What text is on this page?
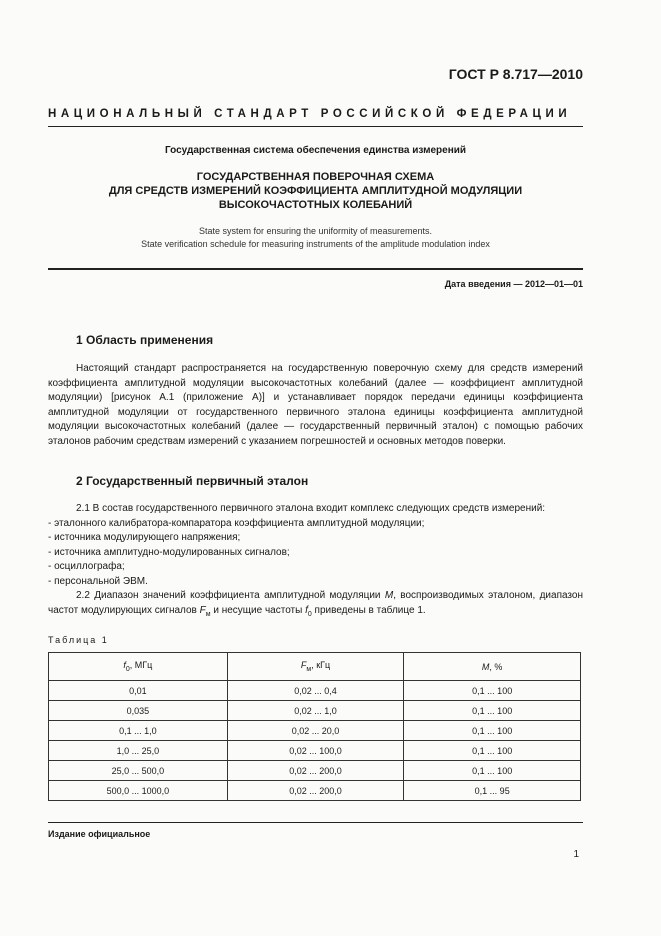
ГОСТ Р 8.717—2010
НАЦИОНАЛЬНЫЙ СТАНДАРТ РОССИЙСКОЙ ФЕДЕРАЦИИ
Государственная система обеспечения единства измерений
ГОСУДАРСТВЕННАЯ ПОВЕРОЧНАЯ СХЕМА
ДЛЯ СРЕДСТВ ИЗМЕРЕНИЙ КОЭФФИЦИЕНТА АМПЛИТУДНОЙ МОДУЛЯЦИИ
ВЫСОКОЧАСТОТНЫХ КОЛЕБАНИЙ
State system for ensuring the uniformity of measurements.
State verification schedule for measuring instruments of the amplitude modulation index
Дата введения — 2012—01—01
1 Область применения

Настоящий стандарт распространяется на государственную поверочную схему для средств измерений коэффициента амплитудной модуляции высокочастотных колебаний (далее — коэффициент амплитудной модуляции) [рисунок А.1 (приложение А)] и устанавливает порядок передачи единицы коэффициента амплитудной модуляции от государственного первичного эталона единицы коэффициента амплитудной модуляции высокочастотных колебаний (далее — государственный первичный эталон) с помощью рабочих эталонов рабочим средствам измерений с указанием погрешностей и основных методов поверки.

2 Государственный первичный эталон

2.1 В состав государственного первичного эталона входит комплекс следующих средств измерений:

- эталонного калибратора-компаратора коэффициента амплитудной модуляции;

- источника модулирующего напряжения;

- источника амплитудно-модулированных сигналов;

- осциллографа;

- персональной ЭВМ.

2.2 Диапазон значений коэффициента амплитудной модуляции M, воспроизводимых эталоном, диапазон частот модулирующих сигналов $F_м$ и несущие частоты $f_0$ приведены в таблице 1.

Таблица 1
$f_0$, МГц	$F_м$, кГц	M, %
0,01	0,02 ... 0,4	0,1 ... 100
0,035	0,02 ... 1,0	0,1 ... 100
0,1 ... 1,0	0,02 ... 20,0	0,1 ... 100
1,0 ... 25,0	0,02 ... 100,0	0,1 ... 100
25,0 ... 500,0	0,02 ... 200,0	0,1 ... 100
500,0 ... 1000,0	0,02 ... 200,0	0,1 ... 95
Издание официальное
1
